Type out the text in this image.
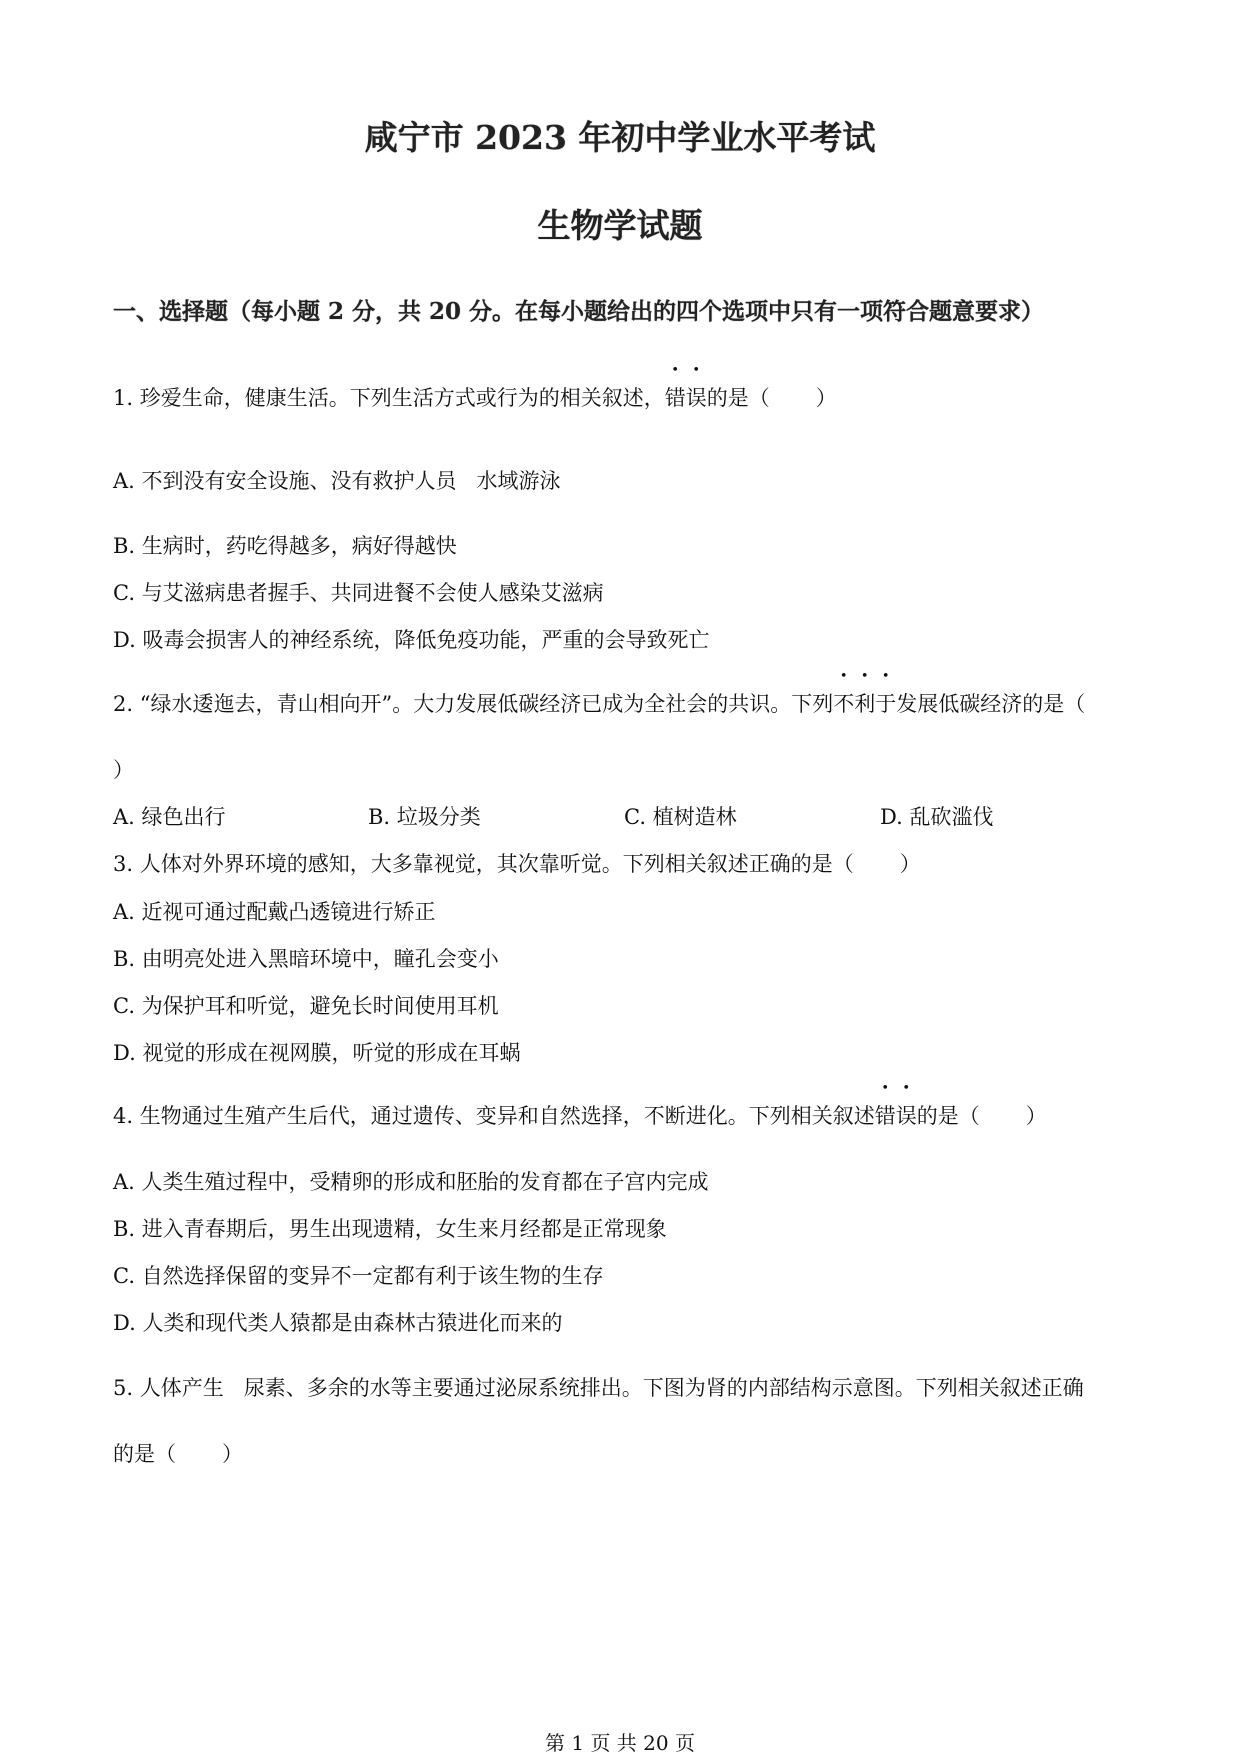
咸宁市 2023 年初中学业水平考试
生物学试题
一、选择题（每小题 2 分，共 20 分。在每小题给出的四个选项中只有一项符合题意要求）
1. 珍爱生命，健康生活。下列生活方式或行为的相关叙述，错误的是（ ）
A. 不到没有安全设施、没有救护人员   水域游泳
B. 生病时，药吃得越多，病好得越快
C. 与艾滋病患者握手、共同进餐不会使人感染艾滋病
D. 吸毒会损害人的神经系统，降低免疫功能，严重的会导致死亡
2. “绿水逶迤去，青山相向开”。大力发展低碳经济已成为全社会的共识。下列不利于发展低碳经济的是（
）
A. 绿色出行	B. 垃圾分类	C. 植树造林	D. 乱砍滥伐
3. 人体对外界环境的感知，大多靠视觉，其次靠听觉。下列相关叙述正确的是（ ）
A. 近视可通过配戴凸透镜进行矫正
B. 由明亮处进入黑暗环境中，瞳孔会变小
C. 为保护耳和听觉，避免长时间使用耳机
D. 视觉的形成在视网膜，听觉的形成在耳蜗
4. 生物通过生殖产生后代，通过遗传、变异和自然选择，不断进化。下列相关叙述错误的是（ ）
A. 人类生殖过程中，受精卵的形成和胚胎的发育都在子宫内完成
B. 进入青春期后，男生出现遗精，女生来月经都是正常现象
C. 自然选择保留的变异不一定都有利于该生物的生存
D. 人类和现代类人猿都是由森林古猿进化而来的
5. 人体产生   尿素、多余的水等主要通过泌尿系统排出。下图为肾的内部结构示意图。下列相关叙述正确
的是（ ）
第 1 页 共 20 页
